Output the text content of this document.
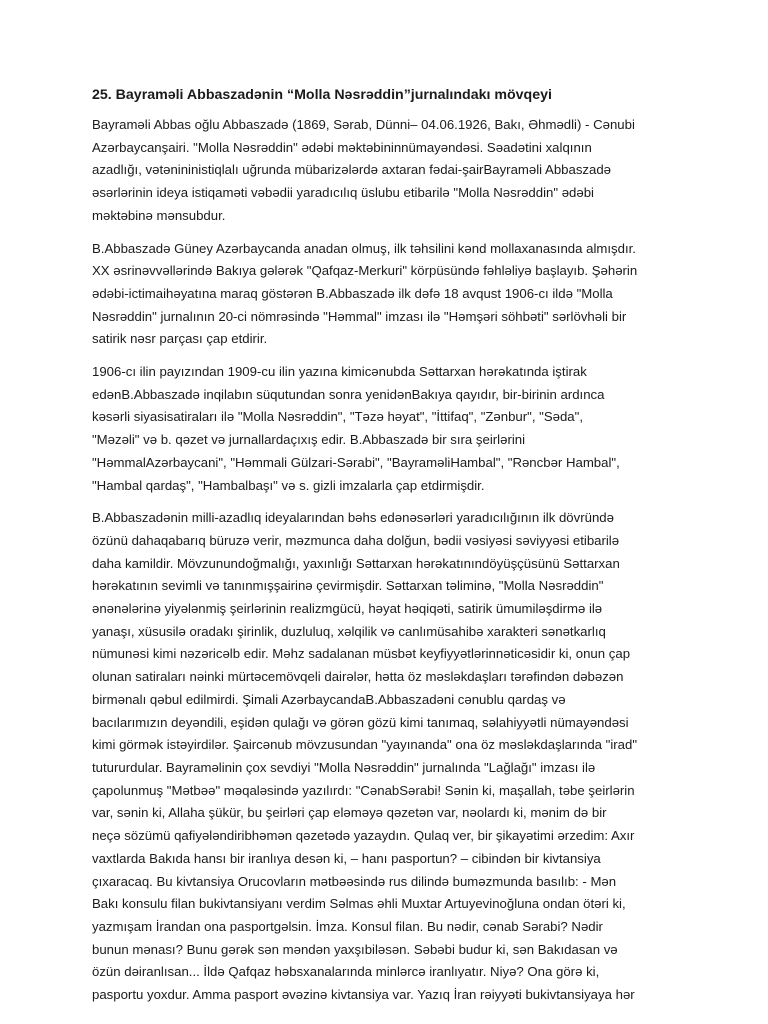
25. Bayraməli Abbaszadənin “Molla Nəsrəddin”jurnalındakı mövqeyi

Bayraməli Abbas oğlu Abbaszadə (1869, Sərab, Dünni– 04.06.1926, Bakı, Əhmədli) - Cənubi
Azərbaycanşairi. "Molla Nəsrəddin" ədəbi məktəbininnümayəndəsi. Səadətini xalqının
azadlığı, vətənininistiqlalı uğrunda mübarizələrdə axtaran fədai-şairBayraməli Abbaszadə
əsərlərinin ideya istiqaməti vəbədii yaradıcılıq üslubu etibarilə "Molla Nəsrəddin" ədəbi
məktəbinə mənsubdur.

B.Abbaszadə Güney Azərbaycanda anadan olmuş, ilk təhsilini kənd mollaxanasında almışdır.
XX əsrinəvvəllərində Bakıya gələrək "Qafqaz-Merkuri" körpüsündə fəhləliyə başlayıb. Şəhərin
ədəbi-ictimaihəyatına maraq göstərən B.Abbaszadə ilk dəfə 18 avqust 1906-cı ildə "Molla
Nəsrəddin" jurnalının 20-ci nömrəsində "Həmmal" imzası ilə "Həmşəri söhbəti" sərlövhəli bir
satirik nəsr parçası çap etdirir.

1906-cı ilin payızından 1909-cu ilin yazına kimicənubda Səttarxan hərəkatında iştirak
edənB.Abbaszadə inqilabın süqutundan sonra yenidənBakıya qayıdır, bir-birinin ardınca
kəsərli siyasisatiraları ilə "Molla Nəsrəddin", "Təzə həyat", "İttifaq", "Zənbur", "Səda",
"Məzəli" və b. qəzet və jurnallardaçıxış edir. B.Abbaszadə bir sıra şeirlərini
"HəmmalAzərbaycani", "Həmmali Gülzari-Sərabi", "BayraməliHambal", "Rəncbər Hambal",
"Hambal qardaş", "Hambalbaşı" və s. gizli imzalarla çap etdirmişdir.

B.Abbaszadənin milli-azadlıq ideyalarından bəhs edənəsərləri yaradıcılığının ilk dövründə
özünü dahaqabarıq büruzə verir, məzmunca daha dolğun, bədii vəsiyəsi səviyyəsi etibarilə
daha kamildir. Mövzunundoğmalığı, yaxınlığı Səttarxan hərəkatınındöyüşçüsünü Səttarxan
hərəkatının sevimli və tanınmışşairinə çevirmişdir. Səttarxan təliminə, "Molla Nəsrəddin"
ənənələrinə yiyələnmiş şeirlərinin realizmgücü, həyat həqiqəti, satirik ümumiləşdirmə ilə
yanaşı, xüsusilə oradakı şirinlik, duzluluq, xəlqilik və canlımüsahibə xarakteri sənətkarlıq
nümunəsi kimi nəzəricəlb edir. Məhz sadalanan müsbət keyfiyyətlərinnəticəsidir ki, onun çap
olunan satiraları nəinki mürtəcemövqeli dairələr, hətta öz məsləkdaşları tərəfindən dəbəzən
birmənalı qəbul edilmirdi. Şimali AzərbaycandaB.Abbaszadəni cənublu qardaş və
bacılarımızın deyəndili, eşidən qulağı və görən gözü kimi tanımaq, səlahiyyətli nümayəndəsi
kimi görmək istəyirdilər. Şaircənub mövzusundan "yayınanda" ona öz məsləkdaşlarında "irad"
tutururdular. Bayraməlinin çox sevdiyi "Molla Nəsrəddin" jurnalında "Lağlağı" imzası ilə
çapolunmuş "Mətbəə" məqaləsində yazılırdı: "CənabSərabi! Sənin ki, maşallah, təbe şeirlərin
var, sənin ki, Allaha şükür, bu şeirləri çap eləməyə qəzetən var, nəolardı ki, mənim də bir
neçə sözümü qafiyələndiribhəmən qəzetədə yazaydın. Qulaq ver, bir şikayətimi ərzedim: Axır
vaxtlarda Bakıda hansı bir iranlıya desən ki, – hanı pasportun? – cibindən bir kivtansiya
çıxaracaq. Bu kivtansiya Orucovların mətbəəsində rus dilində buməzmunda basılıb: - Mən
Bakı konsulu filan bukivtansiyanı verdim Səlmas əhli Muxtar Artuyevinoğluna ondan ötəri ki,
yazmışam İrandan ona pasportgəlsin. İmza. Konsul filan. Bu nədir, cənab Sərabi? Nədir
bunun mənası? Bunu gərək sən məndən yaxşıbiləsən. Səbəbi budur ki, sən Bakıdasan və
özün dəiranlısan... İldə Qafqaz həbsxanalarında minlərcə iranlıyatır. Niyə? Ona görə ki,
pasportu yoxdur. Amma pasport əvəzinə kivtansiya var. Yazıq İran rəiyyəti bukivtansiyaya hər
